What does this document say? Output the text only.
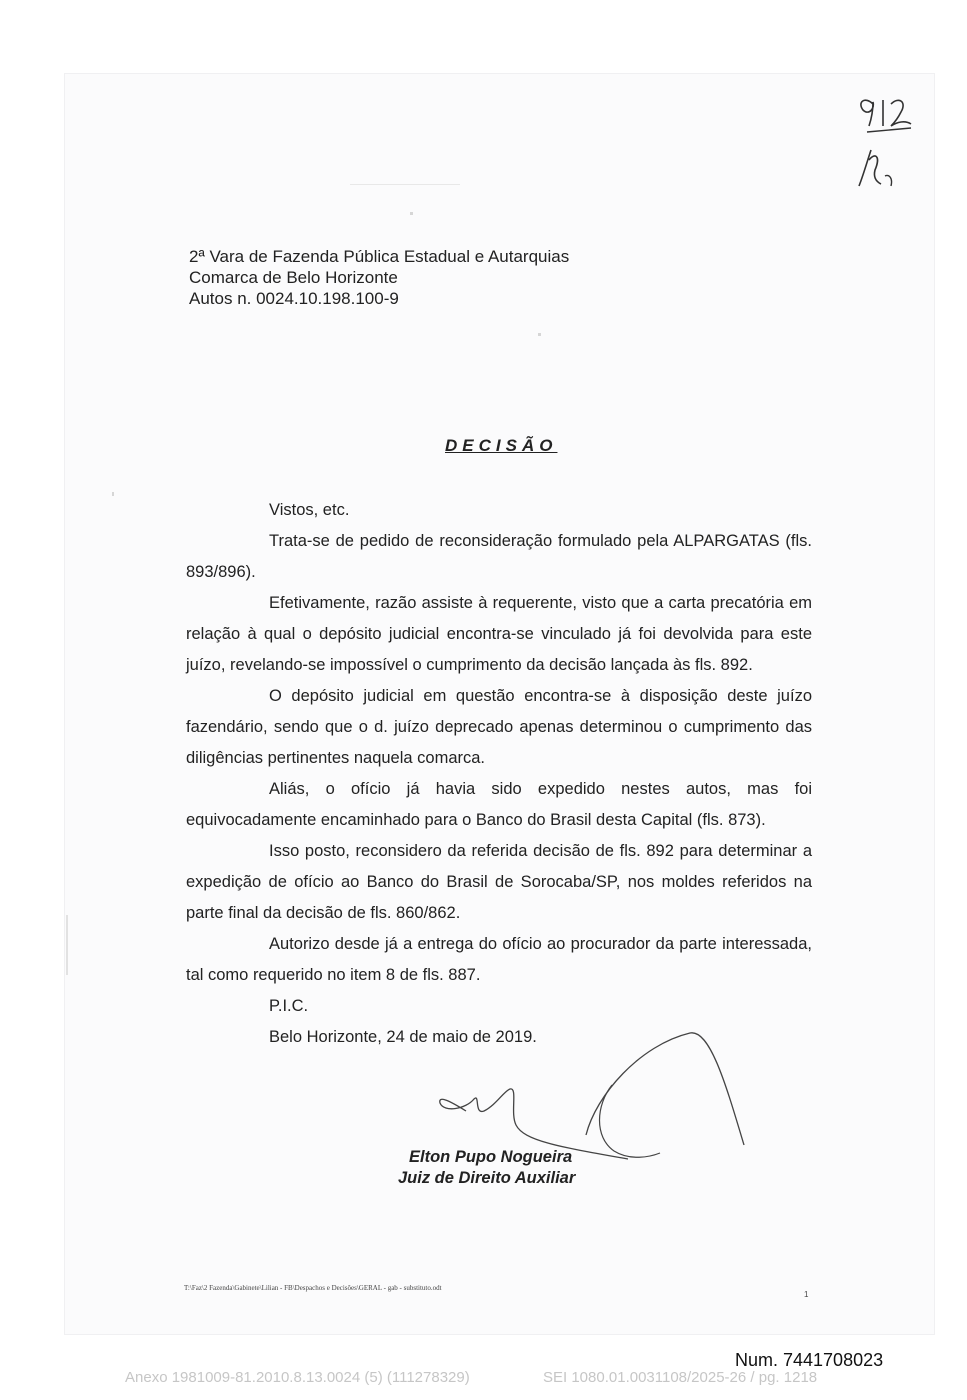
2ª Vara de Fazenda Pública Estadual e Autarquias
Comarca de Belo Horizonte
Autos n. 0024.10.198.100-9
DECISÃO

Vistos, etc.

Trata-se de pedido de reconsideração formulado pela ALPARGATAS (fls. 893/896).

Efetivamente, razão assiste à requerente, visto que a carta precatória em relação à qual o depósito judicial encontra-se vinculado já foi devolvida para este juízo, revelando-se impossível o cumprimento da decisão lançada às fls. 892.

O depósito judicial em questão encontra-se à disposição deste juízo fazendário, sendo que o d. juízo deprecado apenas determinou o cumprimento das diligências pertinentes naquela comarca.

Aliás, o ofício já havia sido expedido nestes autos, mas foi equivocadamente encaminhado para o Banco do Brasil desta Capital (fls. 873).

Isso posto, reconsidero da referida decisão de fls. 892 para determinar a expedição de ofício ao Banco do Brasil de Sorocaba/SP, nos moldes referidos na parte final da decisão de fls. 860/862.

Autorizo desde já a entrega do ofício ao procurador da parte interessada, tal como requerido no item 8 de fls. 887.

P.I.C.

Belo Horizonte, 24 de maio de 2019.

Elton Pupo Nogueira
Juiz de Direito Auxiliar
T:\Faz\2 Fazenda\Gabinete\Lilian - FB\Despachos e Decisões\GERAL - gab - substituto.odt
1
Num. 7441708023
Anexo 1981009-81.2010.8.13.0024 (5) (111278329)	SEI 1080.01.0031108/2025-26 / pg. 1218
